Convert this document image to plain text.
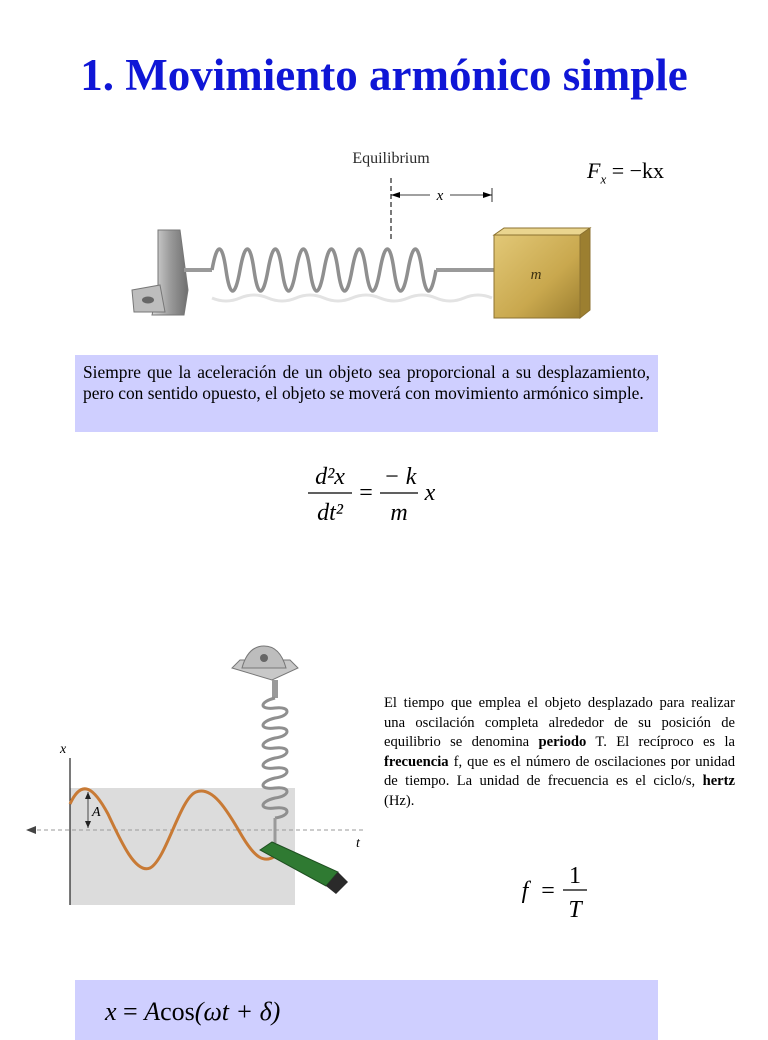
1. Movimiento armónico simple
m
Equilibrium
x
$F_x = -kx$
Siempre que la aceleración de un objeto sea proporcional a su desplazamiento, pero con sentido opuesto, el objeto se moverá con movimiento armónico simple.
d²x
dt²
=
− k
m
x
x
t
A
El tiempo que emplea el objeto desplazado para realizar una oscilación completa alrededor de su posición de equilibrio se denomina periodo T. El recíproco es la frecuencia f, que es el número de oscilaciones por unidad de tiempo. La unidad de frecuencia es el ciclo/s, hertz (Hz).
f =
1
T
x = Acos(ωt + δ)
